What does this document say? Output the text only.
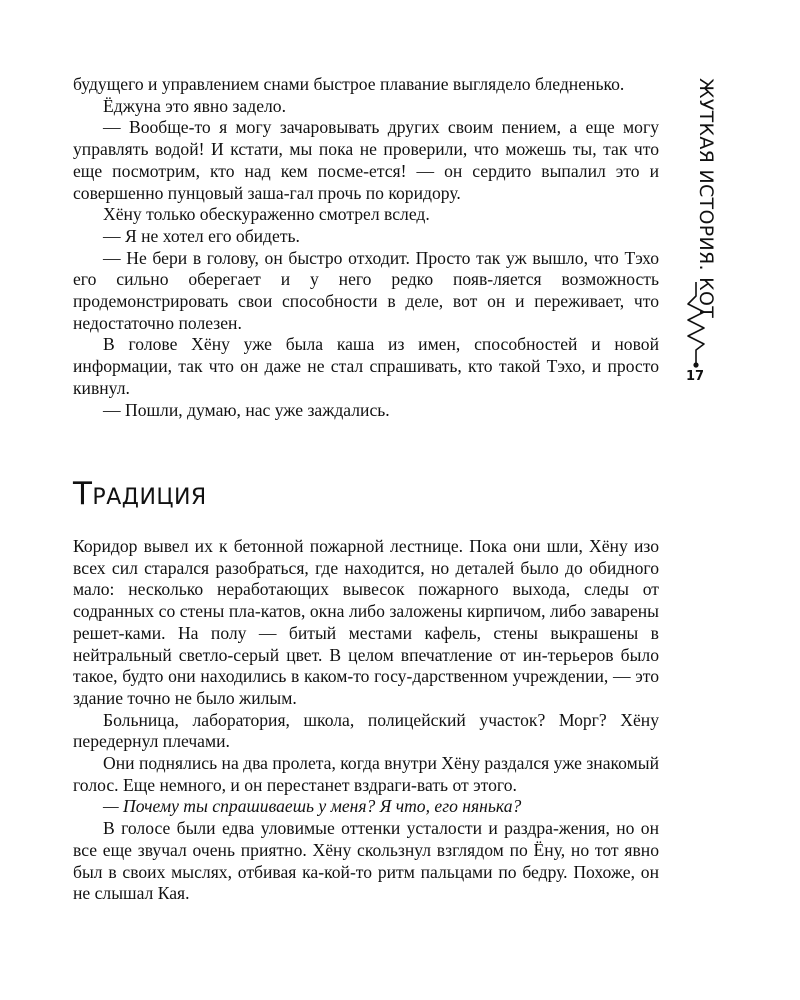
будущего и управлением снами быстрое плавание выглядело бледненько.

Ёджуна это явно задело.

— Вообще-то я могу зачаровывать других своим пением, а еще могу управлять водой! И кстати, мы пока не проверили, что можешь ты, так что еще посмотрим, кто над кем посме-ется! — он сердито выпалил это и совершенно пунцовый заша-гал прочь по коридору.

Хёну только обескураженно смотрел вслед.

— Я не хотел его обидеть.

— Не бери в голову, он быстро отходит. Просто так уж вышло, что Тэхо его сильно оберегает и у него редко появ-ляется возможность продемонстрировать свои способности в деле, вот он и переживает, что недостаточно полезен.

В голове Хёну уже была каша из имен, способностей и новой информации, так что он даже не стал спрашивать, кто такой Тэхо, и просто кивнул.

— Пошли, думаю, нас уже заждались.

Традиция

Коридор вывел их к бетонной пожарной лестнице. Пока они шли, Хёну изо всех сил старался разобраться, где находится, но деталей было до обидного мало: несколько неработающих вывесок пожарного выхода, следы от содранных со стены пла-катов, окна либо заложены кирпичом, либо заварены решет-ками. На полу — битый местами кафель, стены выкрашены в нейтральный светло-серый цвет. В целом впечатление от ин-терьеров было такое, будто они находились в каком-то госу-дарственном учреждении, — это здание точно не было жилым.

Больница, лаборатория, школа, полицейский участок? Морг? Хёну передернул плечами.

Они поднялись на два пролета, когда внутри Хёну раздался уже знакомый голос. Еще немного, и он перестанет вздраги-вать от этого.

— Почему ты спрашиваешь у меня? Я что, его нянька?

В голосе были едва уловимые оттенки усталости и раздра-жения, но он все еще звучал очень приятно. Хёну скользнул взглядом по Ёну, но тот явно был в своих мыслях, отбивая ка-кой-то ритм пальцами по бедру. Похоже, он не слышал Кая.

ЖУТКАЯ ИСТОРИЯ. КОТ
17
